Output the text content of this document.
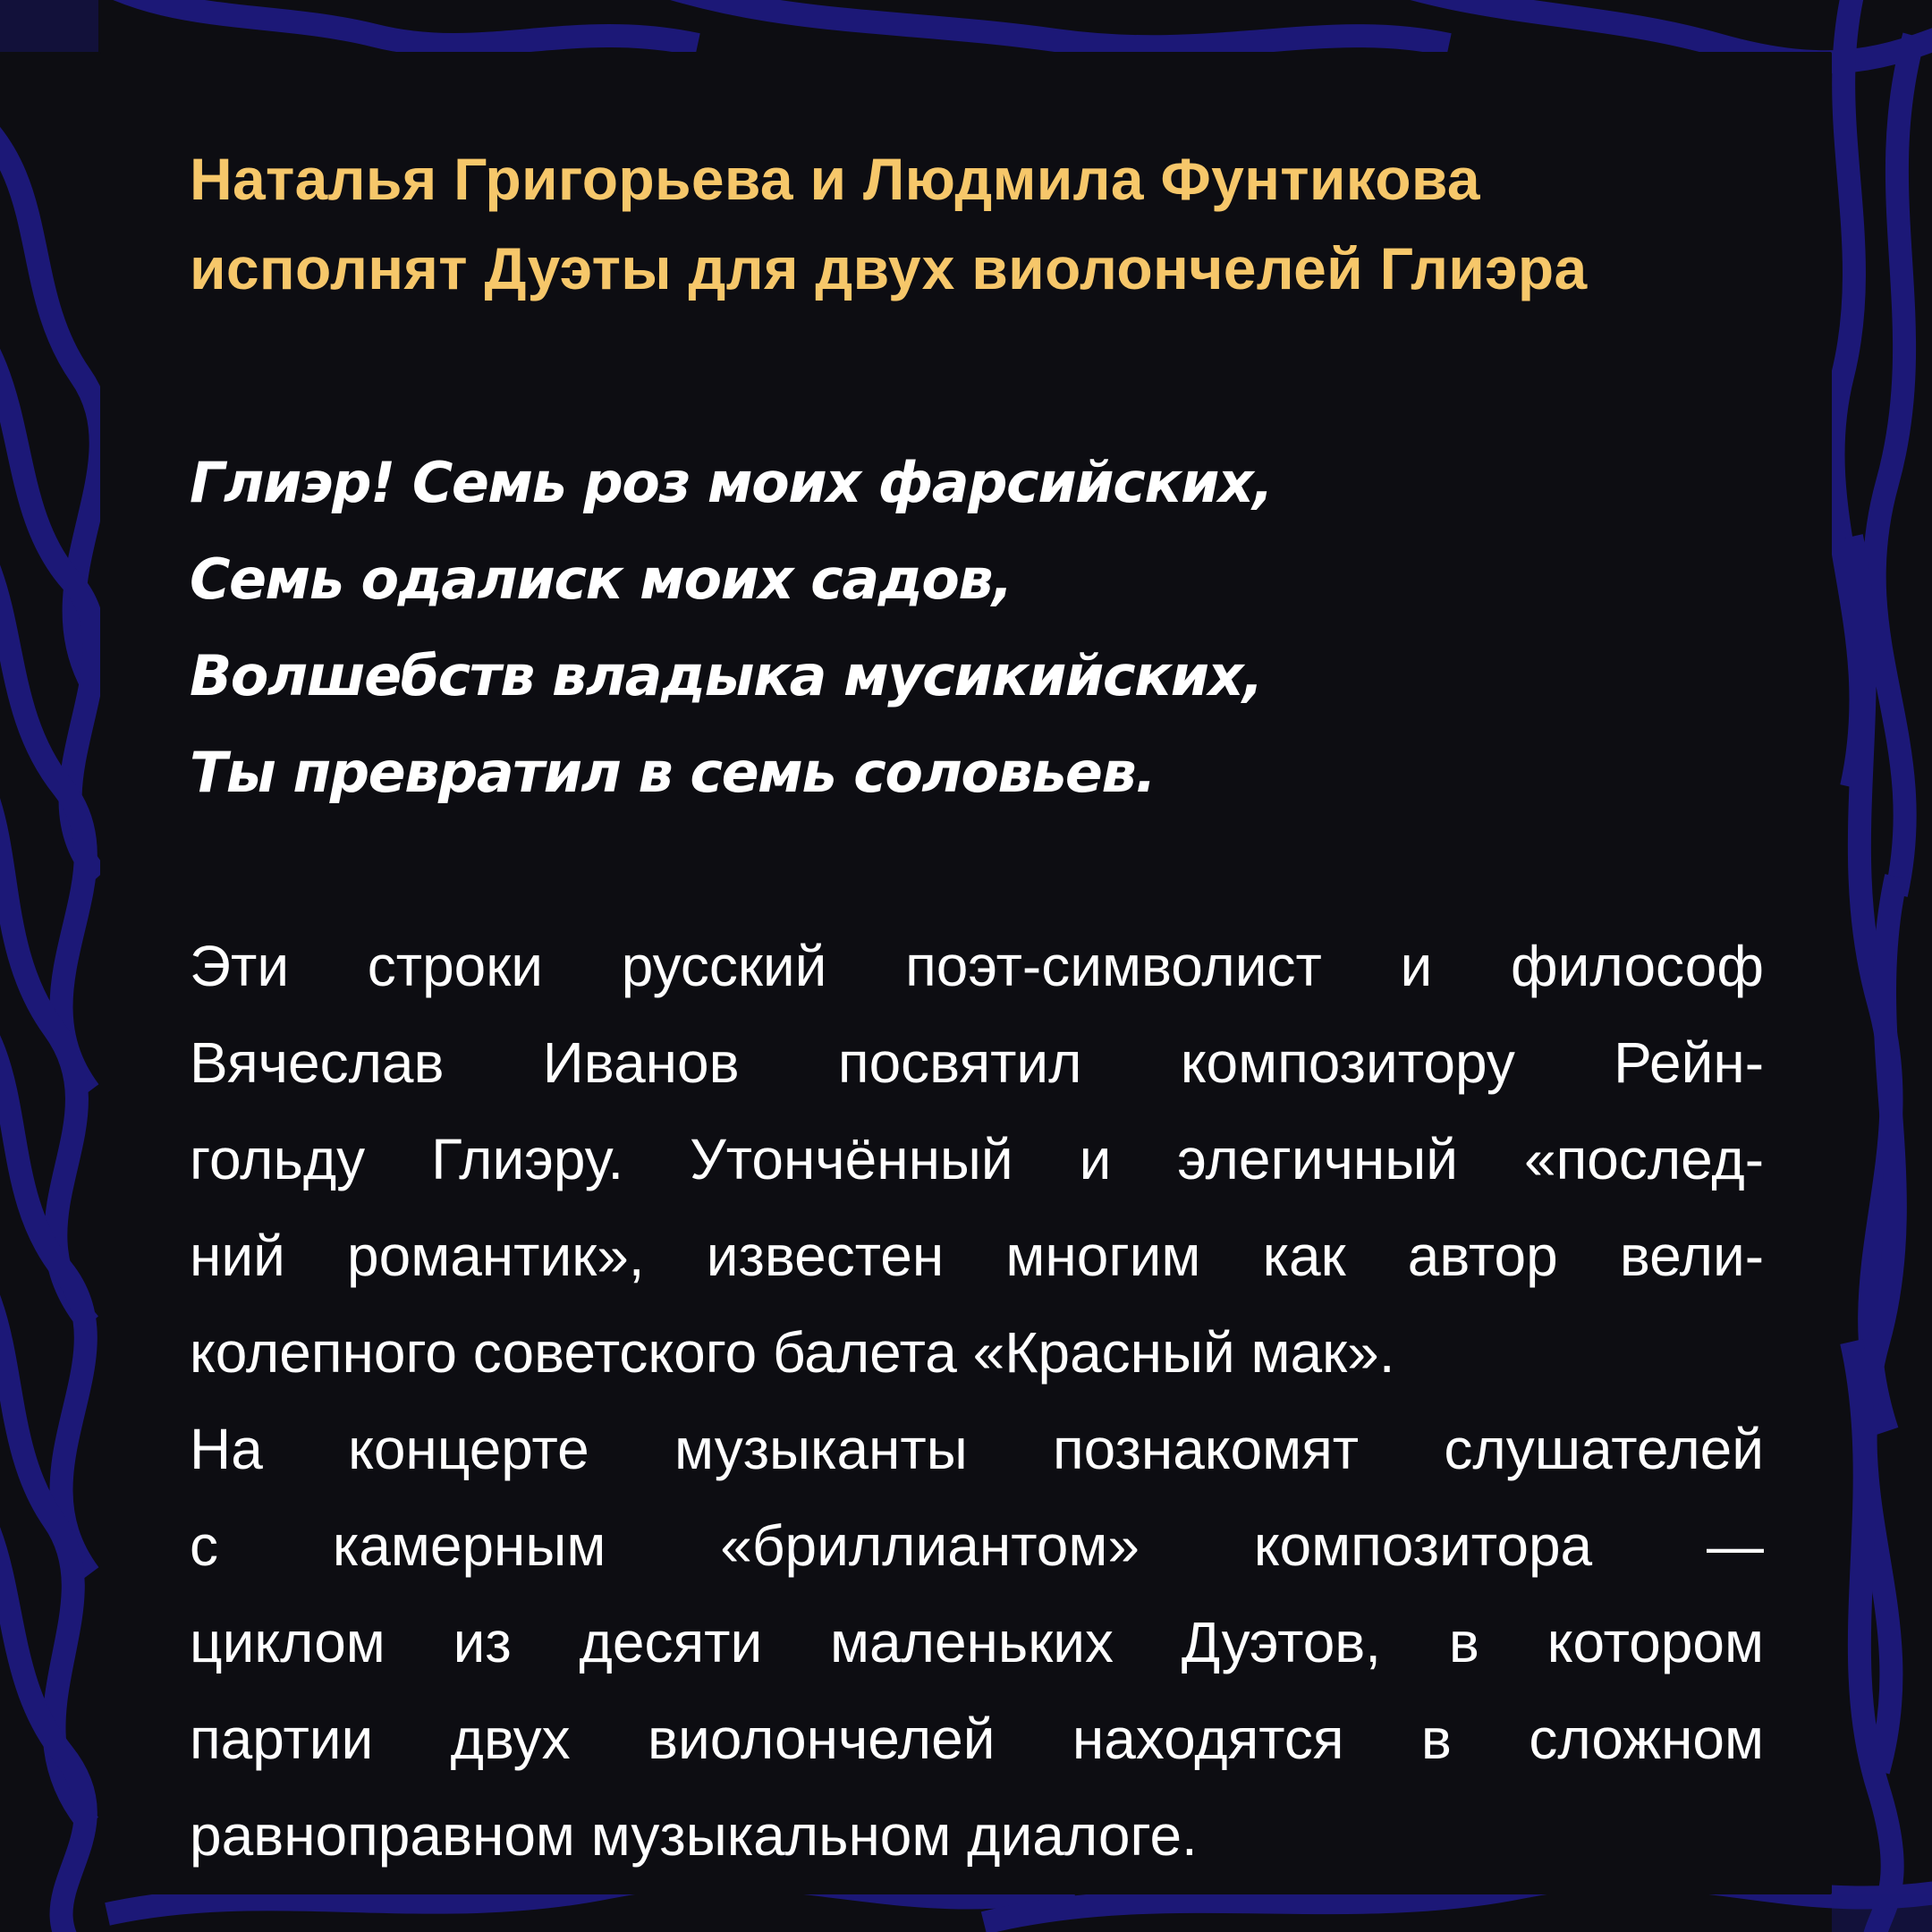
Наталья Григорьева и Людмила Фунтикова
исполнят Дуэты для двух виолончелей Глиэра
Глиэр! Семь роз моих фарсийских,
Семь одалиск моих садов,
Волшебств владыка мусикийских,
Ты превратил в семь соловьев.
Эти строки русский поэт-символист и философ
Вячеслав Иванов посвятил композитору Рейн-
гольду Глиэру. Утончённый и элегичный «послед-
ний романтик», известен многим как автор вели-
колепного советского балета «Красный мак».
На концерте музыканты познакомят слушателей
с камерным «бриллиантом» композитора —
циклом из десяти маленьких Дуэтов, в котором
партии двух виолончелей находятся в сложном
равноправном музыкальном диалоге.
